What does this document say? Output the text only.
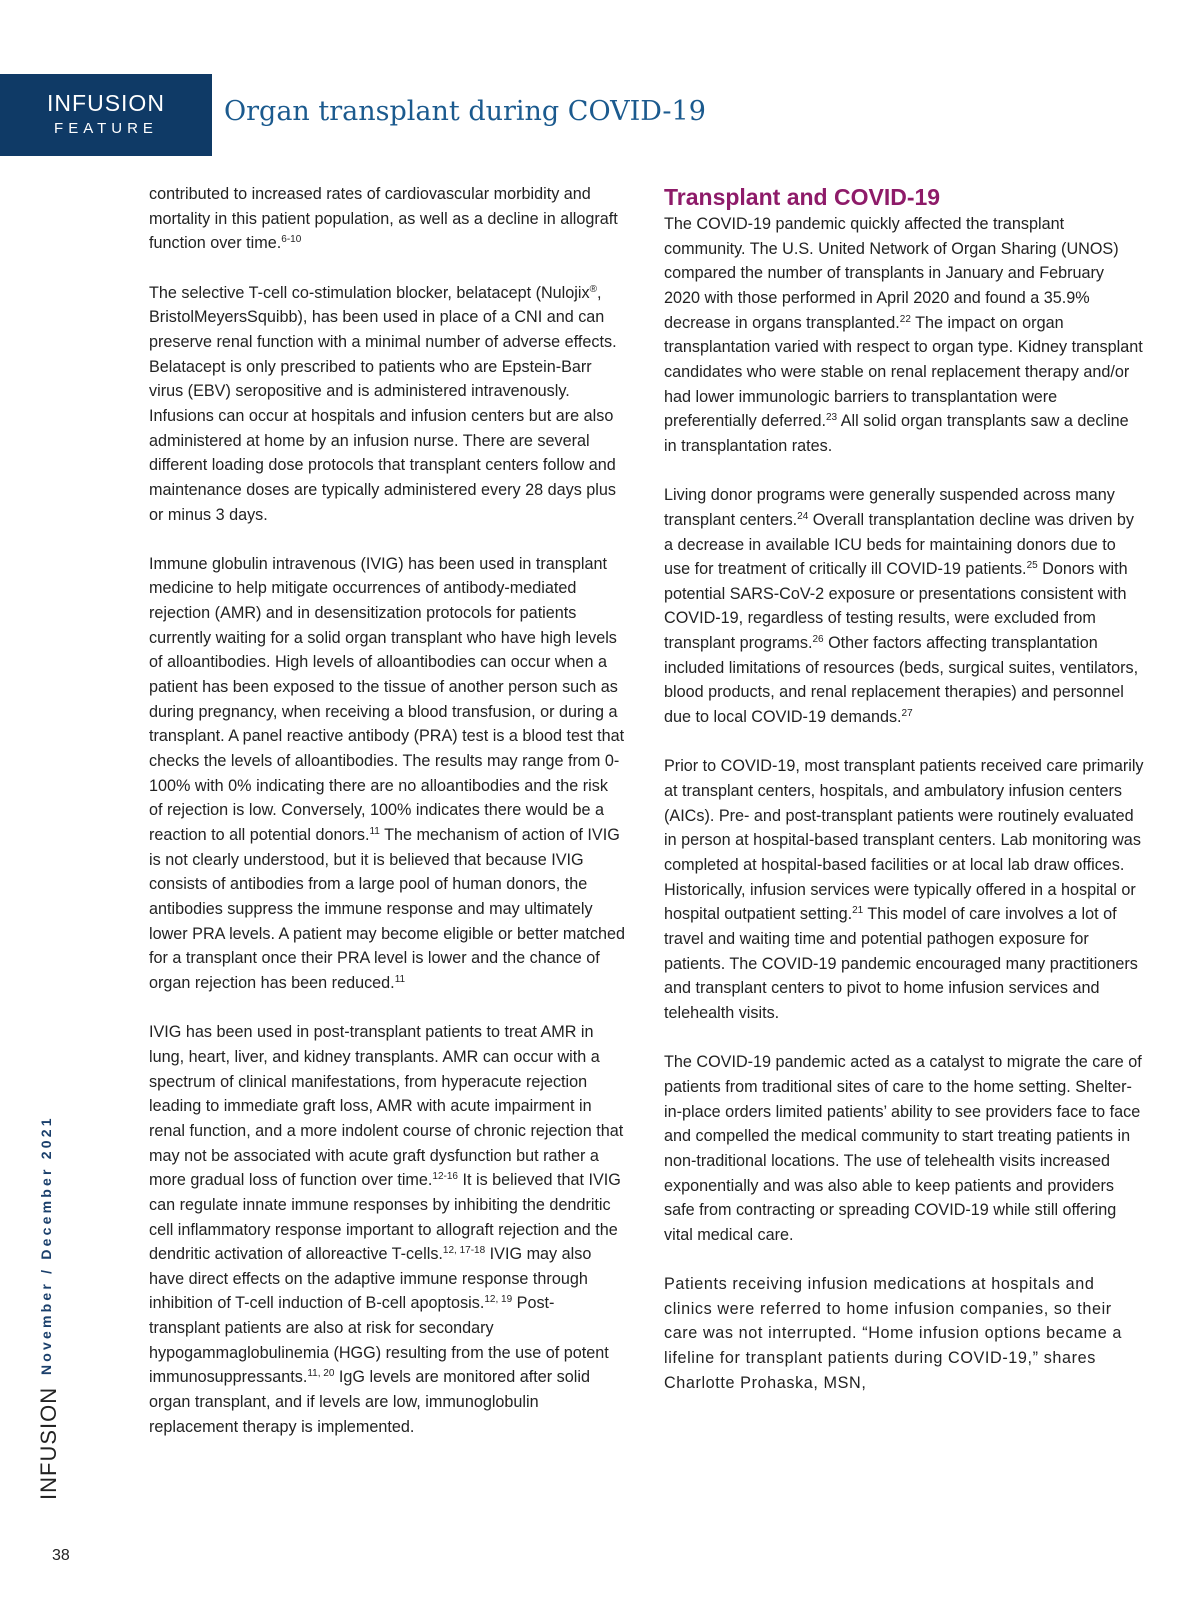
INFUSION
FEATURE
Organ transplant during COVID-19
November / December 2021
INFUSION
38

contributed to increased rates of cardiovascular morbidity and mortality in this patient population, as well as a decline in allograft function over time.$^{6-10}$

The selective T-cell co-stimulation blocker, belatacept (Nulojix®, BristolMeyersSquibb), has been used in place of a CNI and can preserve renal function with a minimal number of adverse effects. Belatacept is only prescribed to patients who are Epstein-Barr virus (EBV) seropositive and is administered intravenously. Infusions can occur at hospitals and infusion centers but are also administered at home by an infusion nurse. There are several different loading dose protocols that transplant centers follow and maintenance doses are typically administered every 28 days plus or minus 3 days.

Immune globulin intravenous (IVIG) has been used in transplant medicine to help mitigate occurrences of antibody-mediated rejection (AMR) and in desensitization protocols for patients currently waiting for a solid organ transplant who have high levels of alloantibodies. High levels of alloantibodies can occur when a patient has been exposed to the tissue of another person such as during pregnancy, when receiving a blood transfusion, or during a transplant. A panel reactive antibody (PRA) test is a blood test that checks the levels of alloantibodies. The results may range from 0-100% with 0% indicating there are no alloantibodies and the risk of rejection is low. Conversely, 100% indicates there would be a reaction to all potential donors.$^{11}$ The mechanism of action of IVIG is not clearly understood, but it is believed that because IVIG consists of antibodies from a large pool of human donors, the antibodies suppress the immune response and may ultimately lower PRA levels. A patient may become eligible or better matched for a transplant once their PRA level is lower and the chance of organ rejection has been reduced.$^{11}$

IVIG has been used in post-transplant patients to treat AMR in lung, heart, liver, and kidney transplants. AMR can occur with a spectrum of clinical manifestations, from hyperacute rejection leading to immediate graft loss, AMR with acute impairment in renal function, and a more indolent course of chronic rejection that may not be associated with acute graft dysfunction but rather a more gradual loss of function over time.$^{12-16}$ It is believed that IVIG can regulate innate immune responses by inhibiting the dendritic cell inflammatory response important to allograft rejection and the dendritic activation of alloreactive T-cells.$^{12, 17-18}$ IVIG may also have direct effects on the adaptive immune response through inhibition of T-cell induction of B-cell apoptosis.$^{12, 19}$ Post-transplant patients are also at risk for secondary hypogammaglobulinemia (HGG) resulting from the use of potent immunosuppressants.$^{11, 20}$ IgG levels are monitored after solid organ transplant, and if levels are low, immunoglobulin replacement therapy is implemented.

Transplant and COVID-19

The COVID-19 pandemic quickly affected the transplant community. The U.S. United Network of Organ Sharing (UNOS) compared the number of transplants in January and February 2020 with those performed in April 2020 and found a 35.9% decrease in organs transplanted.$^{22}$ The impact on organ transplantation varied with respect to organ type. Kidney transplant candidates who were stable on renal replacement therapy and/or had lower immunologic barriers to transplantation were preferentially deferred.$^{23}$ All solid organ transplants saw a decline in transplantation rates.

Living donor programs were generally suspended across many transplant centers.$^{24}$ Overall transplantation decline was driven by a decrease in available ICU beds for maintaining donors due to use for treatment of critically ill COVID-19 patients.$^{25}$ Donors with potential SARS-CoV-2 exposure or presentations consistent with COVID-19, regardless of testing results, were excluded from transplant programs.$^{26}$ Other factors affecting transplantation included limitations of resources (beds, surgical suites, ventilators, blood products, and renal replacement therapies) and personnel due to local COVID-19 demands.$^{27}$

Prior to COVID-19, most transplant patients received care primarily at transplant centers, hospitals, and ambulatory infusion centers (AICs). Pre- and post-transplant patients were routinely evaluated in person at hospital-based transplant centers. Lab monitoring was completed at hospital-based facilities or at local lab draw offices. Historically, infusion services were typically offered in a hospital or hospital outpatient setting.$^{21}$ This model of care involves a lot of travel and waiting time and potential pathogen exposure for patients. The COVID-19 pandemic encouraged many practitioners and transplant centers to pivot to home infusion services and telehealth visits.

The COVID-19 pandemic acted as a catalyst to migrate the care of patients from traditional sites of care to the home setting. Shelter-in-place orders limited patients’ ability to see providers face to face and compelled the medical community to start treating patients in non-traditional locations. The use of telehealth visits increased exponentially and was also able to keep patients and providers safe from contracting or spreading COVID-19 while still offering vital medical care.

Patients receiving infusion medications at hospitals and clinics were referred to home infusion companies, so their care was not interrupted. “Home infusion options became a lifeline for transplant patients during COVID-19,” shares Charlotte Prohaska, MSN,
